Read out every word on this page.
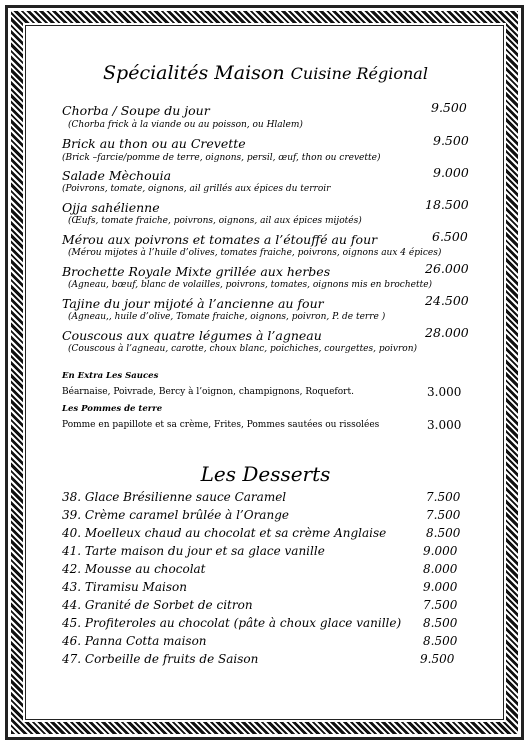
Spécialités Maison Cuisine Régional
Chorba / Soupe du jour	9.500
(Chorba frick à la viande ou au poisson, ou Hlalem)
Brick au thon ou au Crevette	9.500
(Brick –farcie/pomme de terre, oignons, persil, œuf, thon ou crevette)
Salade Mèchouia	9.000
(Poivrons, tomate, oignons, ail grillés aux épices du terroir
Ojja sahélienne	18.500
(Œufs, tomate fraiche, poivrons, oignons, ail aux épices mijotés)
Mérou aux poivrons et tomates a l’étouffé au four	6.500
(Mérou mijotes à l’huile d’olives, tomates fraiche, poivrons, oignons aux 4 épices)
Brochette Royale Mixte grillée aux herbes	26.000
(Agneau, bœuf, blanc de volailles, poivrons, tomates, oignons mis en brochette)
Tajine du jour mijoté à l’ancienne au four	24.500
(Agneau,, huile d’olive, Tomate fraiche, oignons, poivron, P. de terre )
Couscous aux quatre légumes à l’agneau	28.000
(Couscous à l’agneau, carotte, choux blanc, poichiches, courgettes, poivron)
En Extra Les Sauces
Béarnaise, Poivrade, Bercy à l’oignon, champignons, Roquefort.	3.000
Les Pommes de terre
Pomme en papillote et sa crème, Frites, Pommes sautées ou rissolées	3.000
Les Desserts
38. Glace Brésilienne sauce Caramel	7.500
39. Crème caramel brûlée à l’Orange	7.500
40. Moelleux chaud au chocolat et sa crème Anglaise	8.500
41. Tarte maison du jour et sa glace vanille	9.000
42. Mousse au chocolat	8.000
43. Tiramisu Maison	9.000
44. Granité de Sorbet de citron	7.500
45. Profiteroles au chocolat (pâte à choux glace vanille) 8.500
46. Panna Cotta maison	8.500
47. Corbeille de fruits de Saison	9.500
